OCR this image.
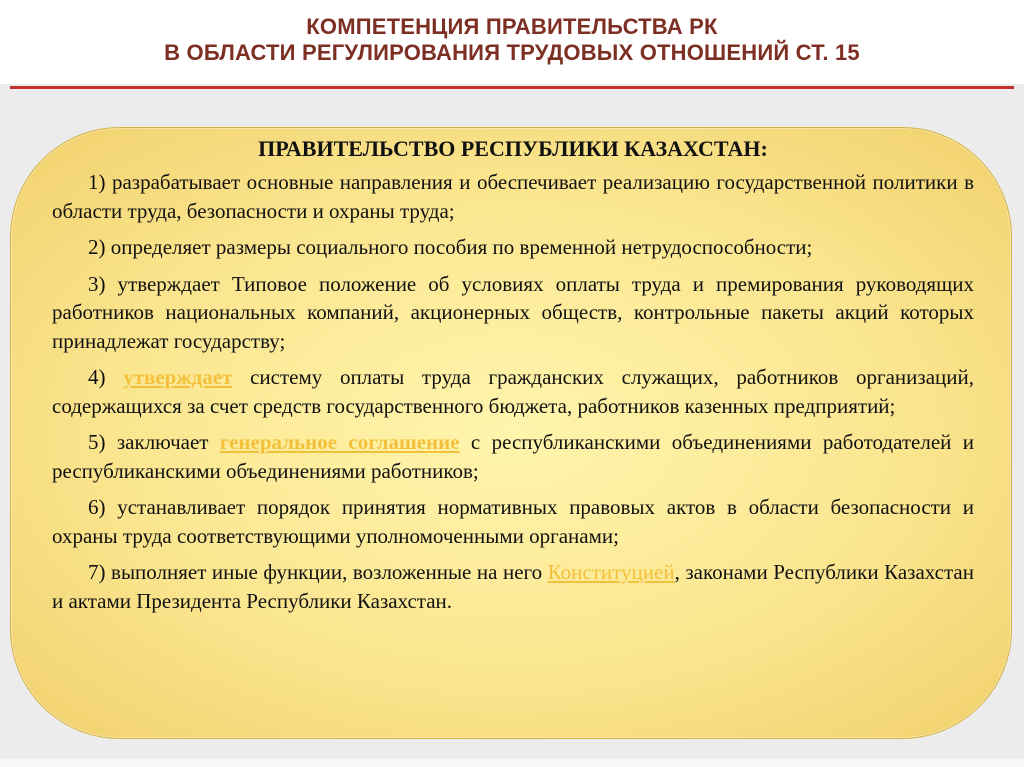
КОМПЕТЕНЦИЯ ПРАВИТЕЛЬСТВА РК
В ОБЛАСТИ РЕГУЛИРОВАНИЯ ТРУДОВЫХ ОТНОШЕНИЙ СТ. 15
ПРАВИТЕЛЬСТВО РЕСПУБЛИКИ КАЗАХСТАН:

1) разрабатывает основные направления и обеспечивает реализацию государственной политики в области труда, безопасности и охраны труда;

2) определяет размеры социального пособия по временной нетрудоспособности;

3) утверждает Типовое положение об условиях оплаты труда и премирования руководящих работников национальных компаний, акционерных обществ, контрольные пакеты акций которых принадлежат государству;

4) утверждает систему оплаты труда гражданских служащих, работников организаций, содержащихся за счет средств государственного бюджета, работников казенных предприятий;

5) заключает генеральное соглашение с республиканскими объединениями работодателей и республиканскими объединениями работников;

6) устанавливает порядок принятия нормативных правовых актов в области безопасности и охраны труда соответствующими уполномоченными органами;

7) выполняет иные функции, возложенные на него Конституцией, законами Республики Казахстан и актами Президента Республики Казахстан.
